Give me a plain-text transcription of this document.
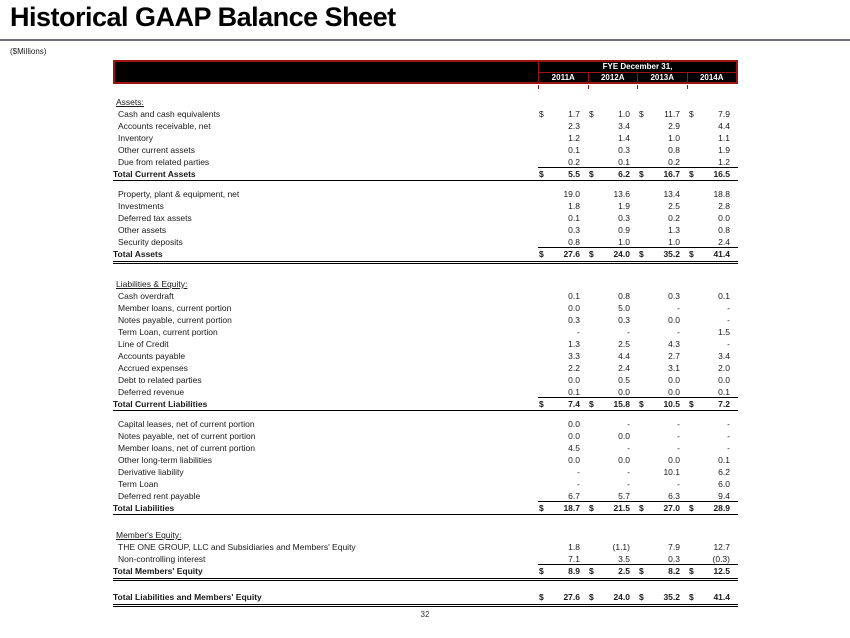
Historical GAAP Balance Sheet
($Millions)
FYE December 31,
2011A	2012A	2013A	2014A
Assets:
Cash and cash equivalents	$	1.7	$	1.0	$	11.7	$	7.9
Accounts receivable, net	2.3	3.4	2.9	4.4
Inventory	1.2	1.4	1.0	1.1
Other current assets	0.1	0.3	0.8	1.9
Due from related parties	0.2	0.1	0.2	1.2
Total Current Assets	$	5.5	$	6.2	$	16.7	$	16.5
Property, plant & equipment, net	19.0	13.6	13.4	18.8
Investments	1.8	1.9	2.5	2.8
Deferred tax assets	0.1	0.3	0.2	0.0
Other assets	0.3	0.9	1.3	0.8
Security deposits	0.8	1.0	1.0	2.4
Total Assets	$	27.6	$	24.0	$	35.2	$	41.4
Liabilities & Equity:
Cash overdraft	0.1	0.8	0.3	0.1
Member loans, current portion	0.0	5.0	-	-
Notes payable, current portion	0.3	0.3	0.0	-
Term Loan, current portion	-	-	-	1.5
Line of Credit	1.3	2.5	4.3	-
Accounts payable	3.3	4.4	2.7	3.4
Accrued expenses	2.2	2.4	3.1	2.0
Debt to related parties	0.0	0.5	0.0	0.0
Deferred revenue	0.1	0.0	0.0	0.1
Total Current Liabilities	$	7.4	$	15.8	$	10.5	$	7.2
Capital leases, net of current portion	0.0	-	-	-
Notes payable, net of current portion	0.0	0.0	-	-
Member loans, net of current portion	4.5	-	-	-
Other long-term liabilities	0.0	0.0	0.0	0.1
Derivative liability	-	-	10.1	6.2
Term Loan	-	-	-	6.0
Deferred rent payable	6.7	5.7	6.3	9.4
Total Liabilities	$	18.7	$	21.5	$	27.0	$	28.9
Member's Equity:
THE ONE GROUP, LLC and Subsidiaries and Members' Equity	1.8	(1.1)	7.9	12.7
Non-controlling interest	7.1	3.5	0.3	(0.3)
Total Members' Equity	$	8.9	$	2.5	$	8.2	$	12.5
Total Liabilities and Members' Equity	$	27.6	$	24.0	$	35.2	$	41.4
32
